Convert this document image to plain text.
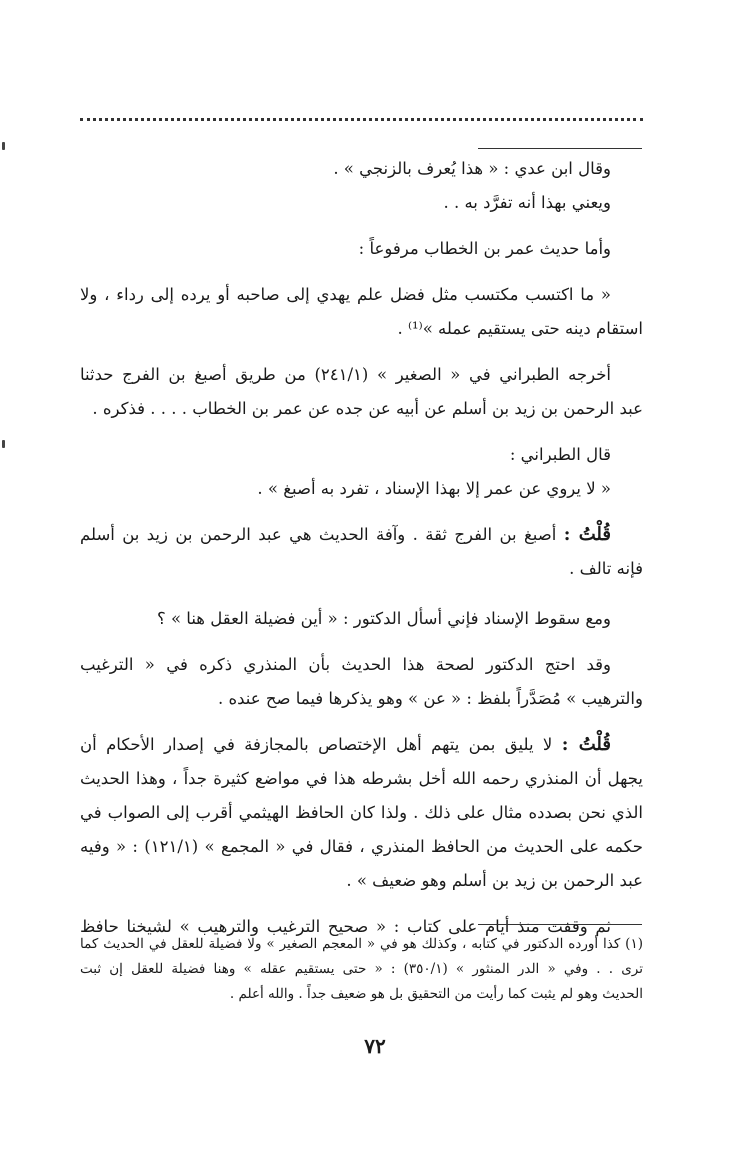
وقال ابن عدي : « هذا يُعرف بالزنجي » .
ويعني بهذا أنه تفرَّد به . .
وأما حديث عمر بن الخطاب مرفوعاً :
« ما اكتسب مكتسب مثل فضل علم يهدي إلى صاحبه أو يرده إلى رداء ، ولا
استقام دينه حتى يستقيم عمله »⁽¹⁾ .
أخرجه الطبراني في « الصغير » (٢٤١/١) من طريق أصبغ بن الفرج حدثنا
عبد الرحمن بن زيد بن أسلم عن أبيه عن جده عن عمر بن الخطاب . . . . فذكره .
قال الطبراني :
« لا يروي عن عمر إلا بهذا الإسناد ، تفرد به أصبغ » .
قُلْتُ : أصبغ بن الفرج ثقة . وآفة الحديث هي عبد الرحمن بن زيد بن أسلم
فإنه تالف .
ومع سقوط الإسناد فإني أسأل الدكتور : « أين فضيلة العقل هنا » ؟
وقد احتج الدكتور لصحة هذا الحديث بأن المنذري ذكره في « الترغيب
والترهيب » مُصَدَّراً بلفظ : « عن » وهو يذكرها فيما صح عنده .
قُلْتُ : لا يليق بمن يتهم أهل الإختصاص بالمجازفة في إصدار الأحكام أن
يجهل أن المنذري رحمه الله أخل بشرطه هذا في مواضع كثيرة جداً ، وهذا الحديث
الذي نحن بصدده مثال على ذلك . ولذا كان الحافظ الهيثمي أقرب إلى الصواب في
حكمه على الحديث من الحافظ المنذري ، فقال في « المجمع » (١٢١/١) : « وفيه
عبد الرحمن بن زيد بن أسلم وهو ضعيف » .
ثم وقفت منذ أيام على كتاب : « صحيح الترغيب والترهيب » لشيخنا حافظ
(١) كذا أورده الدكتور في كتابه ، وكذلك هو في « المعجم الصغير » ولا فضيلة للعقل في الحديث كما
ترى . . وفي « الدر المنثور » (٣٥٠/١) : « حتى يستقيم عقله » وهنا فضيلة للعقل إن ثبت
الحديث وهو لم يثبت كما رأيت من التحقيق بل هو ضعيف جداً . والله أعلم .
٧٢
